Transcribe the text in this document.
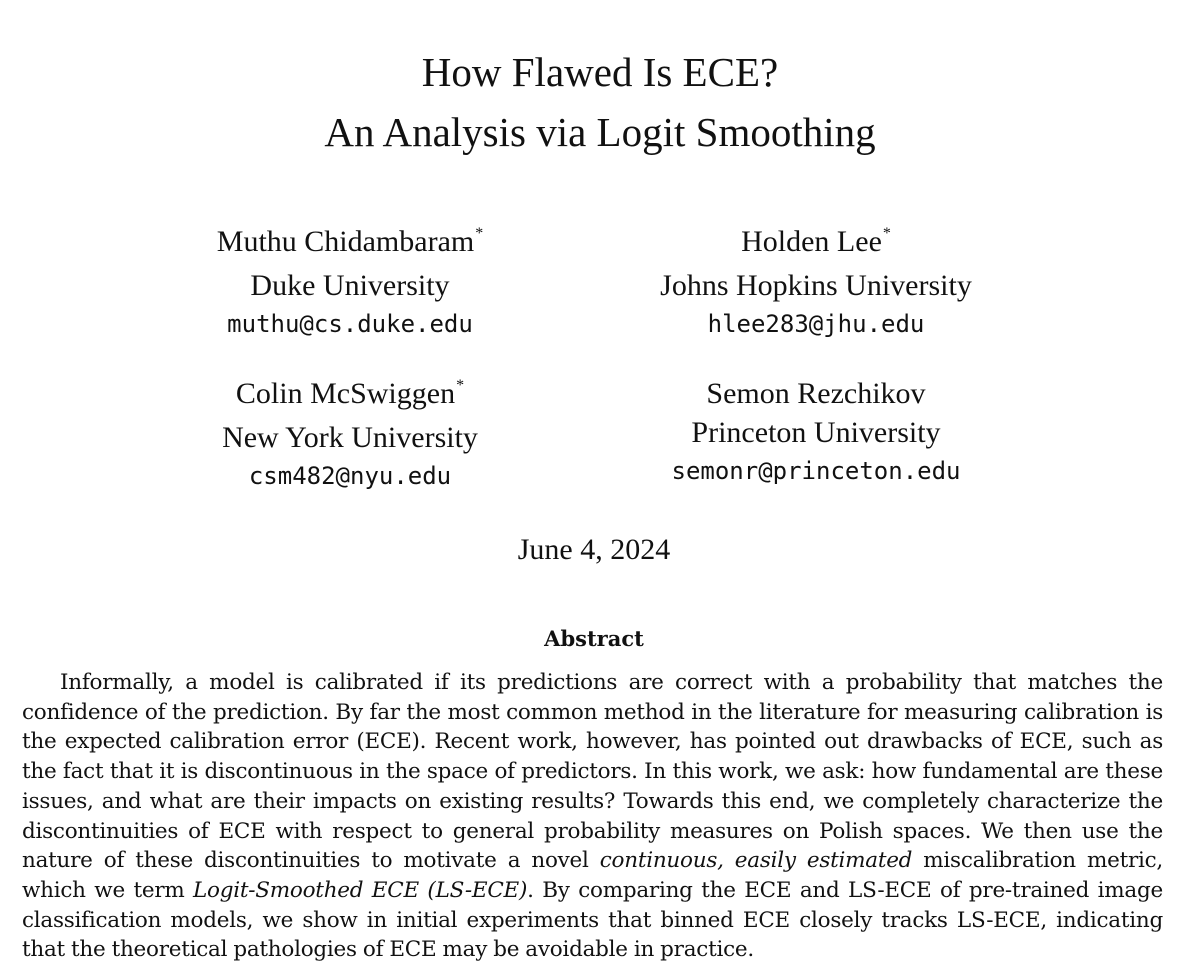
How Flawed Is ECE?
An Analysis via Logit Smoothing
Muthu Chidambaram*
Duke University
muthu@cs.duke.edu
Holden Lee*
Johns Hopkins University
hlee283@jhu.edu
Colin McSwiggen*
New York University
csm482@nyu.edu
Semon Rezchikov
Princeton University
semonr@princeton.edu
June 4, 2024
Abstract

Informally, a model is calibrated if its predictions are correct with a probability that matches the confidence of the prediction. By far the most common method in the literature for measuring calibration is the expected calibration error (ECE). Recent work, however, has pointed out drawbacks of ECE, such as the fact that it is discontinuous in the space of predictors. In this work, we ask: how fundamental are these issues, and what are their impacts on existing results? Towards this end, we completely characterize the discontinuities of ECE with respect to general probability measures on Polish spaces. We then use the nature of these discontinuities to motivate a novel continuous, easily estimated miscalibration metric, which we term Logit-Smoothed ECE (LS-ECE). By comparing the ECE and LS-ECE of pre-trained image classification models, we show in initial experiments that binned ECE closely tracks LS-ECE, indicating that the theoretical pathologies of ECE may be avoidable in practice.
